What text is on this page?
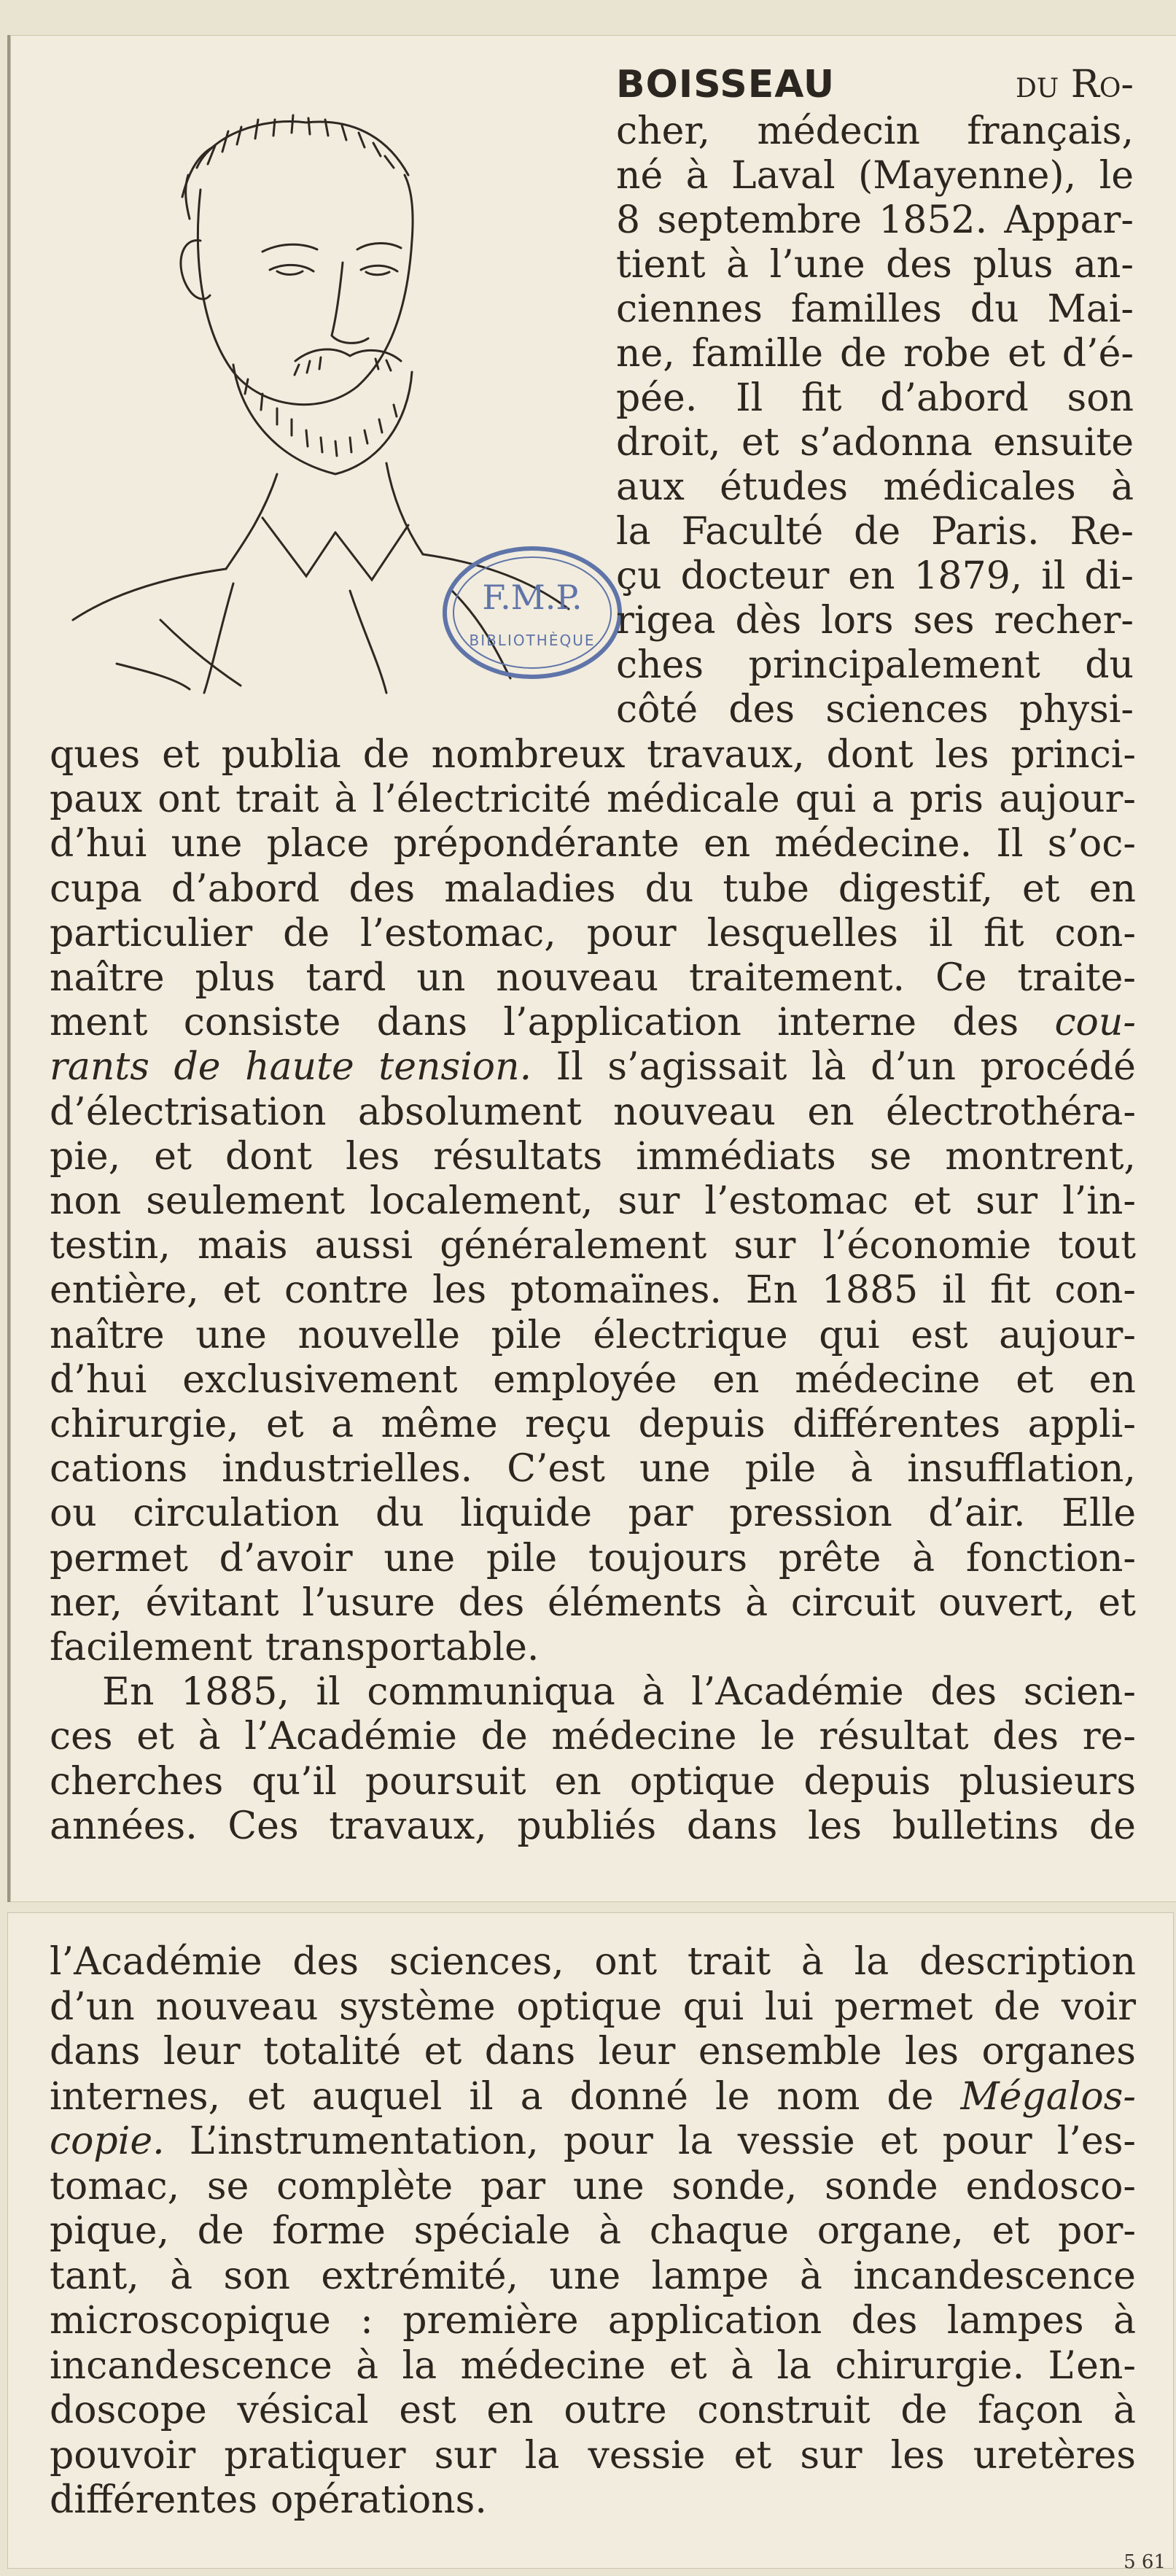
F.M.P.
BIBLIOTHÈQUE
BOISSEAU	du Ro-
cher, médecin français,
né à Laval (Mayenne), le
8 septembre 1852. Appar-
tient à l’une des plus an-
ciennes familles du Mai-
ne, famille de robe et d’é-
pée. Il fit d’abord son
droit, et s’adonna ensuite
aux études médicales à
la Faculté de Paris. Re-
çu docteur en 1879, il di-
rigea dès lors ses recher-
ches principalement du
côté des sciences physi-
ques et publia de nombreux travaux, dont les princi-
paux ont trait à l’électricité médicale qui a pris aujour-
d’hui une place prépondérante en médecine. Il s’oc-
cupa d’abord des maladies du tube digestif, et en
particulier de l’estomac, pour lesquelles il fit con-
naître plus tard un nouveau traitement. Ce traite-
ment consiste dans l’application interne des cou-
rants de haute tension. Il s’agissait là d’un procédé
d’électrisation absolument nouveau en électrothéra-
pie, et dont les résultats immédiats se montrent,
non seulement localement, sur l’estomac et sur l’in-
testin, mais aussi généralement sur l’économie tout
entière, et contre les ptomaïnes. En 1885 il fit con-
naître une nouvelle pile électrique qui est aujour-
d’hui exclusivement employée en médecine et en
chirurgie, et a même reçu depuis différentes appli-
cations industrielles. C’est une pile à insufflation,
ou circulation du liquide par pression d’air. Elle
permet d’avoir une pile toujours prête à fonction-
ner, évitant l’usure des éléments à circuit ouvert, et
facilement transportable.
En 1885, il communiqua à l’Académie des scien-
ces et à l’Académie de médecine le résultat des re-
cherches qu’il poursuit en optique depuis plusieurs
années. Ces travaux, publiés dans les bulletins de
l’Académie des sciences, ont trait à la description
d’un nouveau système optique qui lui permet de voir
dans leur totalité et dans leur ensemble les organes
internes, et auquel il a donné le nom de Mégalos-
copie. L’instrumentation, pour la vessie et pour l’es-
tomac, se complète par une sonde, sonde endosco-
pique, de forme spéciale à chaque organe, et por-
tant, à son extrémité, une lampe à incandescence
microscopique : première application des lampes à
incandescence à la médecine et à la chirurgie. L’en-
doscope vésical est en outre construit de façon à
pouvoir pratiquer sur la vessie et sur les uretères
différentes opérations.
5 61
